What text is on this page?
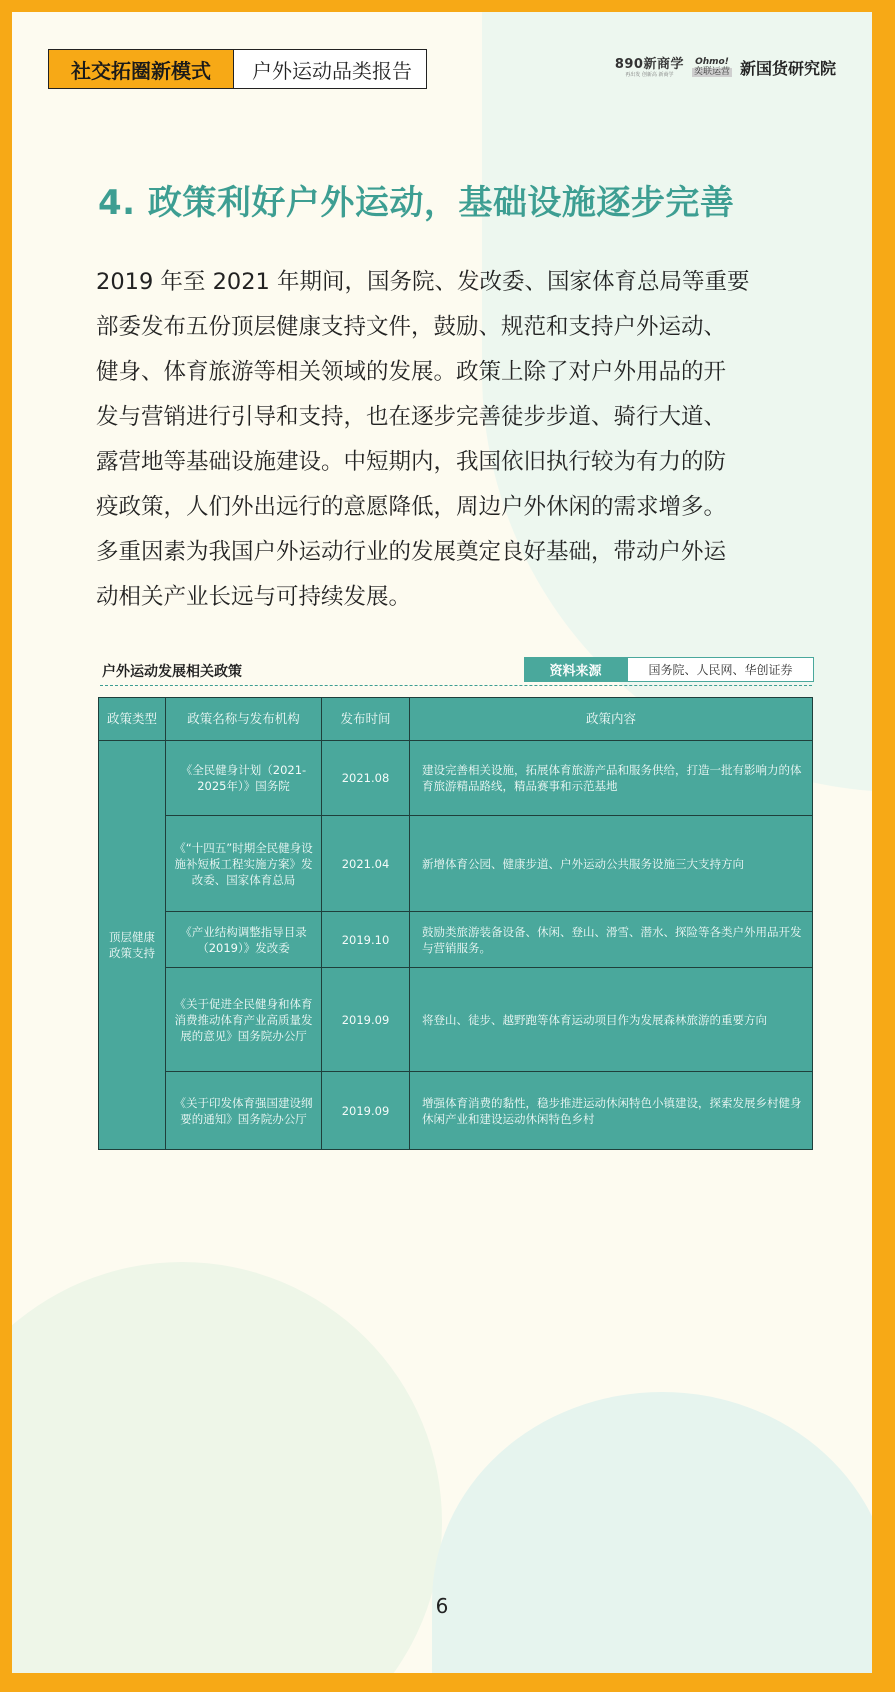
社交拓圈新模式	户外运动品类报告	890新商学
再出发 创新高 新商学
Ohmo!
奕联运营 新国货研究院
4. 政策利好户外运动，基础设施逐步完善

2019 年至 2021 年期间，国务院、发改委、国家体育总局等重要
部委发布五份顶层健康支持文件，鼓励、规范和支持户外运动、
健身、体育旅游等相关领域的发展。政策上除了对户外用品的开
发与营销进行引导和支持，也在逐步完善徒步步道、骑行大道、
露营地等基础设施建设。中短期内，我国依旧执行较为有力的防
疫政策，人们外出远行的意愿降低，周边户外休闲的需求增多。
多重因素为我国户外运动行业的发展奠定良好基础，带动户外运
动相关产业长远与可持续发展。

户外运动发展相关政策	资料来源	国务院、人民网、华创证券
政策类型	政策名称与发布机构	发布时间	政策内容
顶层健康政策支持	《全民健身计划（2021-2025年）》国务院	2021.08	建设完善相关设施，拓展体育旅游产品和服务供给，打造一批有影响力的体育旅游精品路线，精品赛事和示范基地
	《“十四五”时期全民健身设施补短板工程实施方案》发改委、国家体育总局	2021.04	新增体育公园、健康步道、户外运动公共服务设施三大支持方向
	《产业结构调整指导目录（2019）》发改委	2019.10	鼓励类旅游装备设备、休闲、登山、滑雪、潜水、探险等各类户外用品开发与营销服务。
	《关于促进全民健身和体育消费推动体育产业高质量发展的意见》国务院办公厅	2019.09	将登山、徒步、越野跑等体育运动项目作为发展森林旅游的重要方向
	《关于印发体育强国建设纲要的通知》国务院办公厅	2019.09	增强体育消费的黏性，稳步推进运动休闲特色小镇建设，探索发展乡村健身休闲产业和建设运动休闲特色乡村
6
